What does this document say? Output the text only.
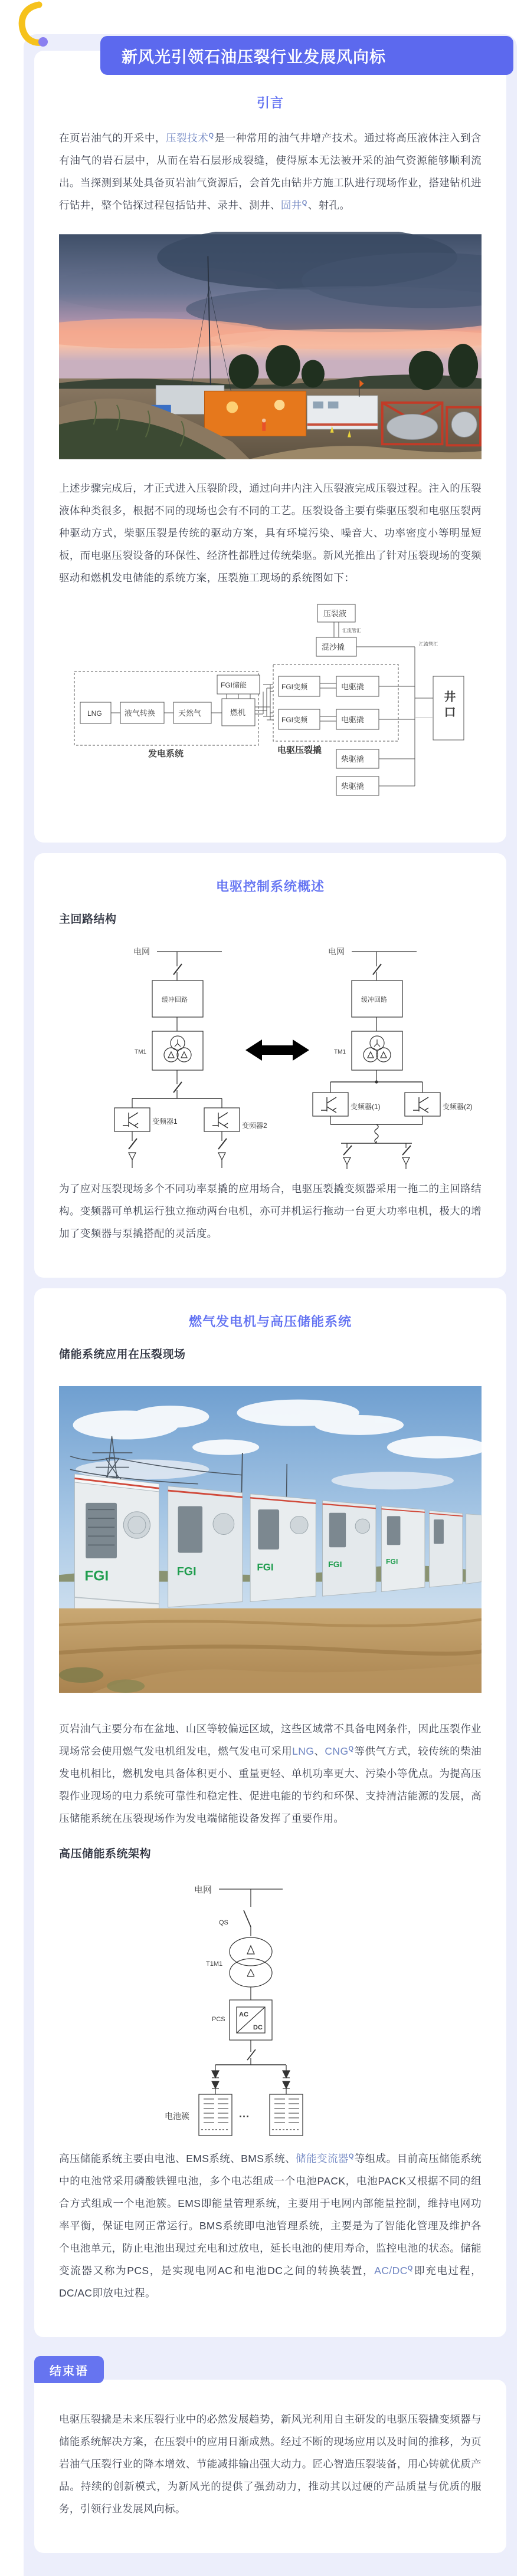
新风光引领石油压裂行业发展风向标
引言

在页岩油气的开采中，压裂技术$^Q$是一种常用的油气井增产技术。通过将高压液体注入到含有油气的岩石层中，从而在岩石层形成裂缝，使得原本无法被开采的油气资源能够顺利流出。当探测到某处具备页岩油气资源后，会首先由钻井方施工队进行现场作业，搭建钻机进行钻井，整个钻探过程包括钻井、录井、测井、固井$^Q$、射孔。

上述步骤完成后，才正式进入压裂阶段，通过向井内注入压裂液完成压裂过程。注入的压裂液体种类很多，根据不同的现场也会有不同的工艺。压裂设备主要有柴驱压裂和电驱压裂两种驱动方式，柴驱压裂是传统的驱动方案，具有环境污染、噪音大、功率密度小等明显短板，而电驱压裂设备的环保性、经济性都胜过传统柴驱。新风光推出了针对压裂现场的变频驱动和燃机发电储能的系统方案，压裂施工现场的系统图如下：

发电系统
LNG	液气转换	天然气	燃机
FGI储能
电驱压裂撬
FGI变频
FGI变频
电驱撬
电驱撬
压裂液
汇流管汇
混沙撬
柴驱撬
柴驱撬
汇流管汇
井口
电驱控制系统概述
主回路结构
电网
缓冲回路
TM1
变频器1	变频器2
电网
缓冲回路
TM1
变频器(1)	变频器(2)

为了应对压裂现场多个不同功率泵撬的应用场合，电驱压裂撬变频器采用一拖二的主回路结构。变频器可单机运行独立拖动两台电机，亦可并机运行拖动一台更大功率电机，极大的增加了变频器与泵撬搭配的灵活度。

燃气发电机与高压储能系统
储能系统应用在压裂现场
FGI	FGI	FGI	FGI	FGI

页岩油气主要分布在盆地、山区等较偏远区域，这些区域常不具备电网条件，因此压裂作业现场常会使用燃气发电机组发电，燃气发电可采用LNG、$CNG^Q$等供气方式，较传统的柴油发电机相比，燃机发电具备体积更小、重量更轻、单机功率更大、污染小等优点。为提高压裂作业现场的电力系统可靠性和稳定性、促进电能的节约和环保、支持清洁能源的发展，高压储能系统在压裂现场作为发电端储能设备发挥了重要作用。

高压储能系统架构
电网
QS
T1M1
PCS
AC
DC
电池簇	···

高压储能系统主要由电池、EMS系统、BMS系统、储能变流器$^Q$等组成。目前高压储能系统中的电池常采用磷酸铁锂电池，多个电芯组成一个电池PACK，电池PACK又根据不同的组合方式组成一个电池簇。EMS即能量管理系统，主要用于电网内部能量控制，维持电网功率平衡，保证电网正常运行。BMS系统即电池管理系统，主要是为了智能化管理及维护各个电池单元，防止电池出现过充电和过放电，延长电池的使用寿命，监控电池的状态。储能变流器又称为PCS，是实现电网AC和电池DC之间的转换装置，$AC/DC^Q$即充电过程，DC/AC即放电过程。

结束语

电驱压裂撬是未来压裂行业中的必然发展趋势，新风光利用自主研发的电驱压裂撬变频器与储能系统解决方案，在压裂中的应用日渐成熟。经过不断的现场应用以及时间的推移，为页岩油气压裂行业的降本增效、节能减排输出强大动力。匠心智造压裂装备，用心铸就优质产品。持续的创新模式，为新风光的提供了强劲动力，推动其以过硬的产品质量与优质的服务，引领行业发展风向标。
